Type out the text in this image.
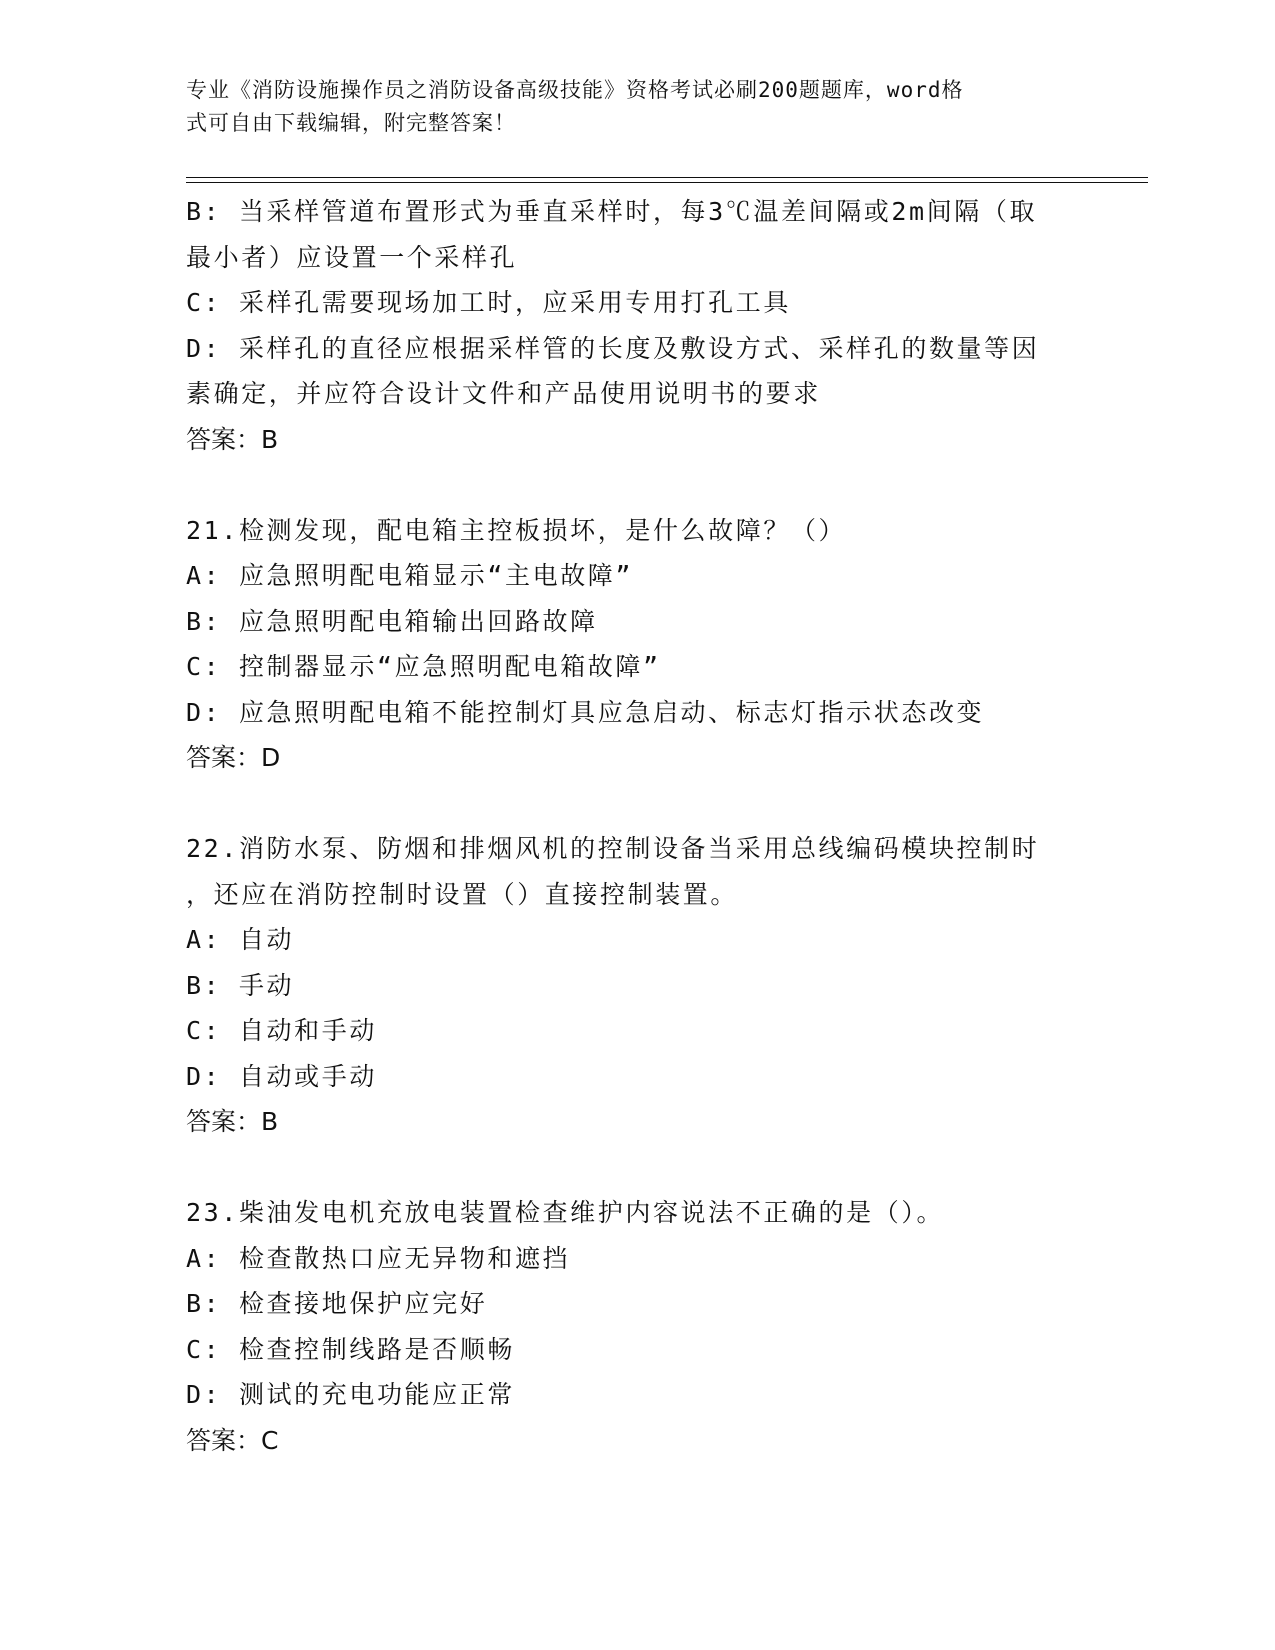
专业《消防设施操作员之消防设备高级技能》资格考试必刷200题题库，word格
式可自由下载编辑，附完整答案！
B: 当采样管道布置形式为垂直采样时，每3℃温差间隔或2m间隔（取
最小者）应设置一个采样孔
C: 采样孔需要现场加工时，应采用专用打孔工具
D: 采样孔的直径应根据采样管的长度及敷设方式、采样孔的数量等因
素确定，并应符合设计文件和产品使用说明书的要求
答案：B
21.检测发现，配电箱主控板损坏，是什么故障？（）
A: 应急照明配电箱显示“主电故障”
B: 应急照明配电箱输出回路故障
C: 控制器显示“应急照明配电箱故障”
D: 应急照明配电箱不能控制灯具应急启动、标志灯指示状态改变
答案：D
22.消防水泵、防烟和排烟风机的控制设备当采用总线编码模块控制时
，还应在消防控制时设置（）直接控制装置。
A: 自动
B: 手动
C: 自动和手动
D: 自动或手动
答案：B
23.柴油发电机充放电装置检查维护内容说法不正确的是（）。
A: 检查散热口应无异物和遮挡
B: 检查接地保护应完好
C: 检查控制线路是否顺畅
D: 测试的充电功能应正常
答案：C
